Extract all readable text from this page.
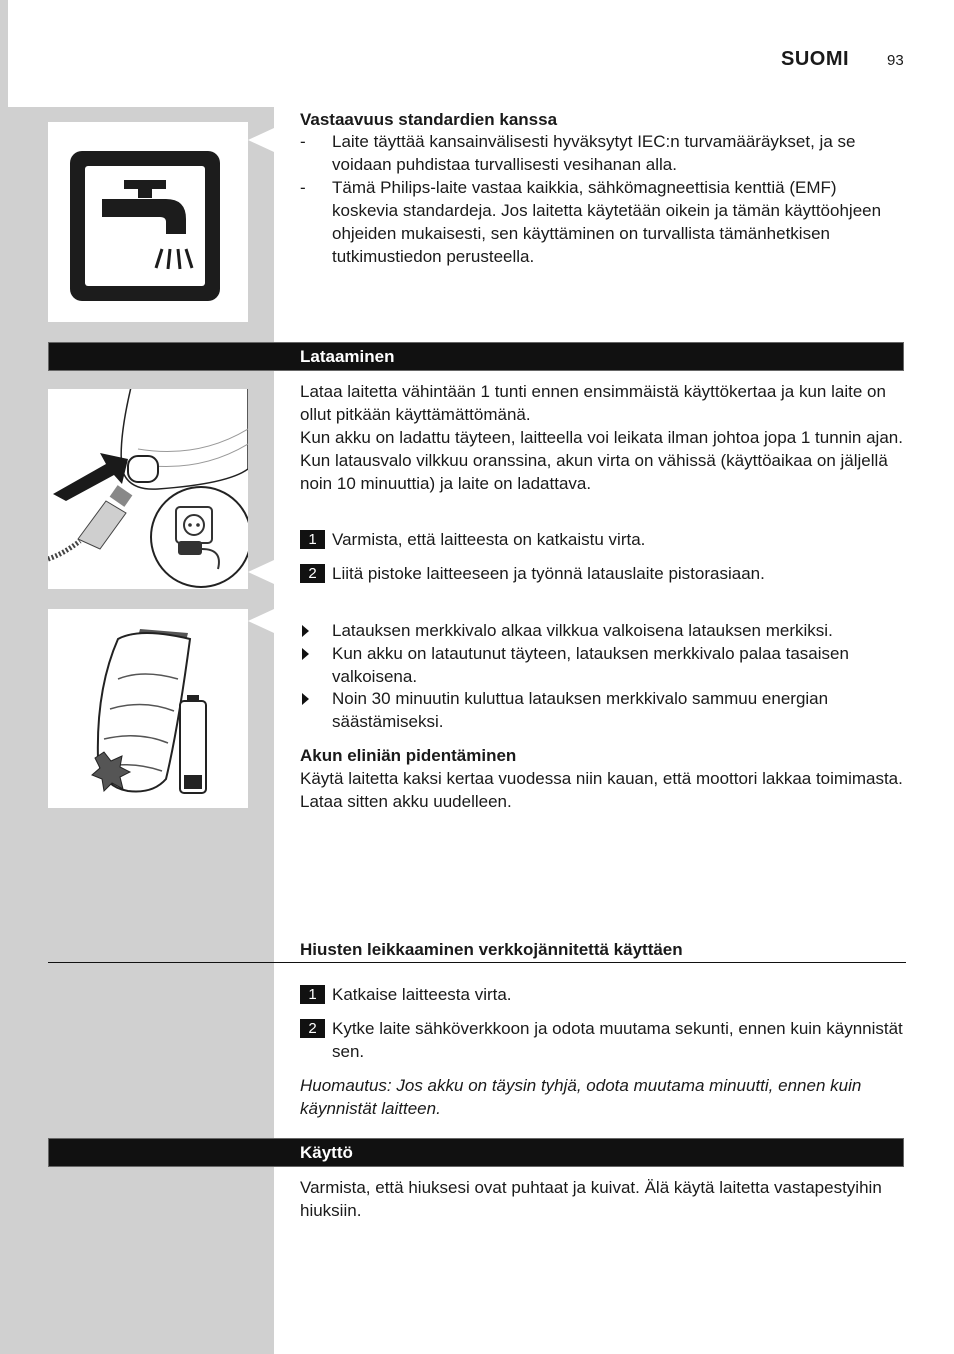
SUOMI	93
Vastaavuus standardien kanssa
- Laite täyttää kansainvälisesti hyväksytyt IEC:n turvamääräykset, ja se voidaan puhdistaa turvallisesti vesihanan alla.
- Tämä Philips-laite vastaa kaikkia, sähkömagneettisia kenttiä (EMF) koskevia standardeja. Jos laitetta käytetään oikein ja tämän käyttöohjeen ohjeiden mukaisesti, sen käyttäminen on turvallista tämänhetkisen tutkimustiedon perusteella.
Lataaminen
Lataa laitetta vähintään 1 tunti ennen ensimmäistä käyttökertaa ja kun laite on ollut pitkään käyttämättömänä.
Kun akku on ladattu täyteen, laitteella voi leikata ilman johtoa jopa 1 tunnin ajan.
Kun latausvalo vilkkuu oranssina, akun virta on vähissä (käyttöaikaa on jäljellä noin 10 minuuttia) ja laite on ladattava.
1 Varmista, että laitteesta on katkaistu virta.
2 Liitä pistoke laitteeseen ja työnnä latauslaite pistorasiaan.
Latauksen merkkivalo alkaa vilkkua valkoisena latauksen merkiksi.
Kun akku on latautunut täyteen, latauksen merkkivalo palaa tasaisen valkoisena.
Noin 30 minuutin kuluttua latauksen merkkivalo sammuu energian säästämiseksi.
Akun eliniän pidentäminen
Käytä laitetta kaksi kertaa vuodessa niin kauan, että moottori lakkaa toimimasta. Lataa sitten akku uudelleen.
Hiusten leikkaaminen verkkojännitettä käyttäen
1 Katkaise laitteesta virta.
2 Kytke laite sähköverkkoon ja odota muutama sekunti, ennen kuin käynnistät sen.
Huomautus: Jos akku on täysin tyhjä, odota muutama minuutti, ennen kuin käynnistät laitteen.
Käyttö
Varmista, että hiuksesi ovat puhtaat ja kuivat. Älä käytä laitetta vastapestyihin hiuksiin.
